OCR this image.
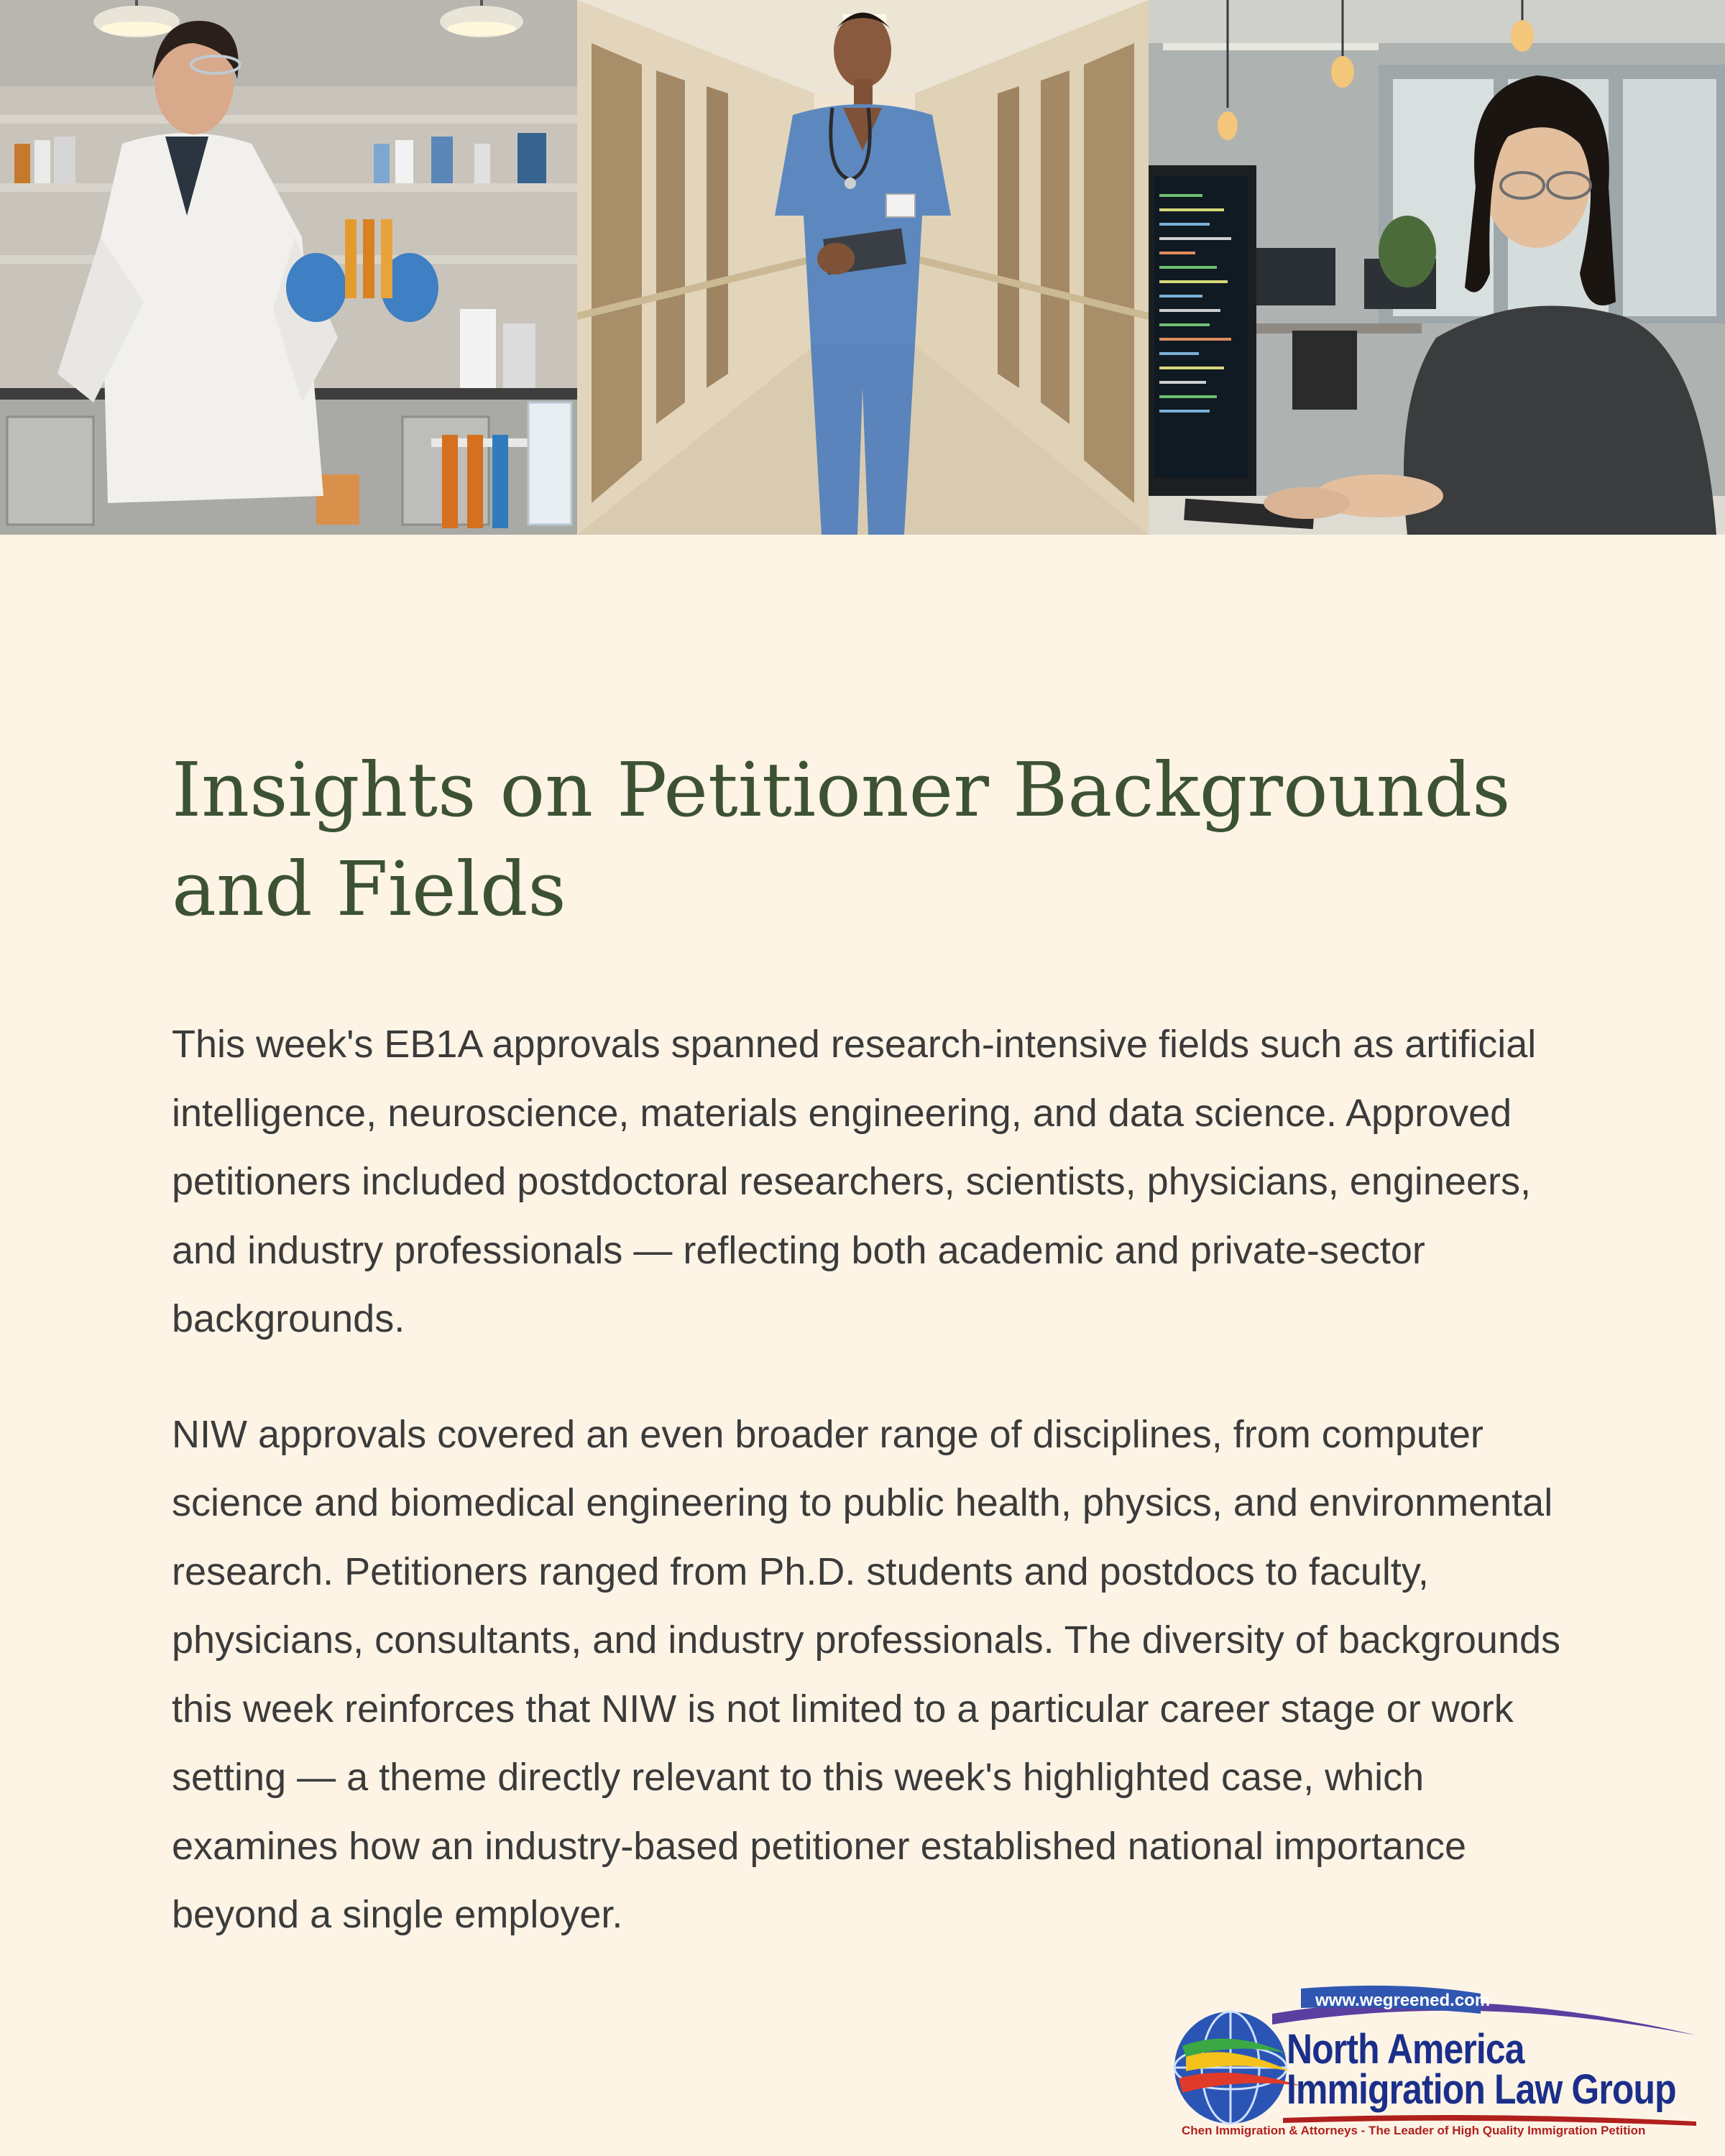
Insights on Petitioner Backgrounds and Fields

This week's EB1A approvals spanned research-intensive fields such as artificial intelligence, neuroscience, materials engineering, and data science. Approved petitioners included postdoctoral researchers, scientists, physicians, engineers, and industry professionals — reflecting both academic and private-sector backgrounds.

NIW approvals covered an even broader range of disciplines, from computer science and biomedical engineering to public health, physics, and environmental research. Petitioners ranged from Ph.D. students and postdocs to faculty, physicians, consultants, and industry professionals. The diversity of backgrounds this week reinforces that NIW is not limited to a particular career stage or work setting — a theme directly relevant to this week's highlighted case, which examines how an industry-based petitioner established national importance beyond a single employer.

www.wegreened.com
North America
Immigration Law Group
Chen Immigration & Attorneys - The Leader of High Quality Immigration Petition
